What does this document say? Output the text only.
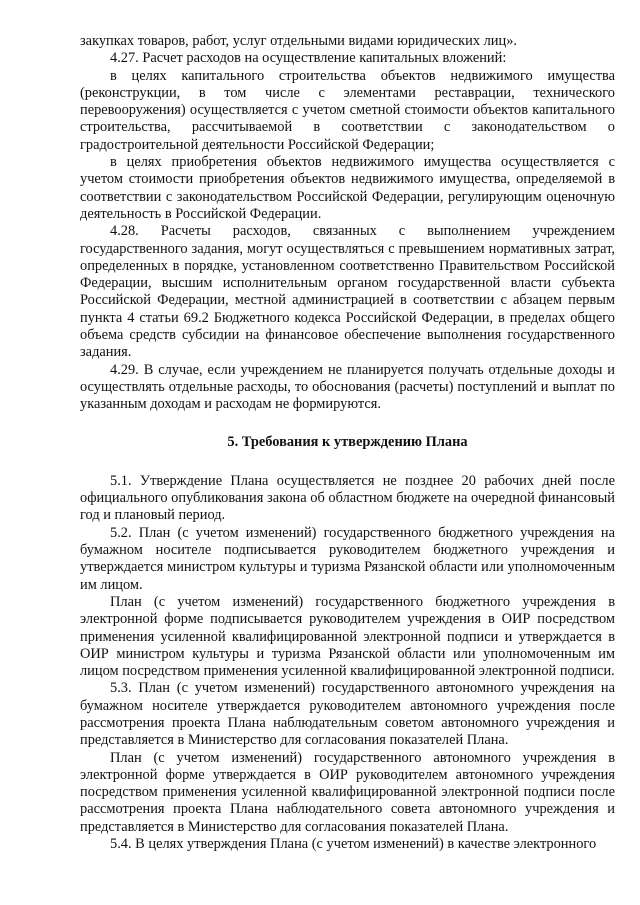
закупках товаров, работ, услуг отдельными видами юридических лиц».

4.27. Расчет расходов на осуществление капитальных вложений:

в целях капитального строительства объектов недвижимого имущества (реконструкции, в том числе с элементами реставрации, технического перевооружения) осуществляется с учетом сметной стоимости объектов капитального строительства, рассчитываемой в соответствии с законодательством о градостроительной деятельности Российской Федерации;

в целях приобретения объектов недвижимого имущества осуществляется с учетом стоимости приобретения объектов недвижимого имущества, определяемой в соответствии с законодательством Российской Федерации, регулирующим оценочную деятельность в Российской Федерации.

4.28. Расчеты расходов, связанных с выполнением учреждением государственного задания, могут осуществляться с превышением нормативных затрат, определенных в порядке, установленном соответственно Правительством Российской Федерации, высшим исполнительным органом государственной власти субъекта Российской Федерации, местной администрацией в соответствии с абзацем первым пункта 4 статьи 69.2 Бюджетного кодекса Российской Федерации, в пределах общего объема средств субсидии на финансовое обеспечение выполнения государственного задания.

4.29. В случае, если учреждением не планируется получать отдельные доходы и осуществлять отдельные расходы, то обоснования (расчеты) поступлений и выплат по указанным доходам и расходам не формируются.

5. Требования к утверждению Плана

5.1. Утверждение Плана осуществляется не позднее 20 рабочих дней после официального опубликования закона об областном бюджете на очередной финансовый год и плановый период.

5.2. План (с учетом изменений) государственного бюджетного учреждения на бумажном носителе подписывается руководителем бюджетного учреждения и утверждается министром культуры и туризма Рязанской области или уполномоченным им лицом.

План (с учетом изменений) государственного бюджетного учреждения в электронной форме подписывается руководителем учреждения в ОИР посредством применения усиленной квалифицированной электронной подписи и утверждается в ОИР министром культуры и туризма Рязанской области или уполномоченным им лицом посредством применения усиленной квалифицированной электронной подписи.

5.3. План (с учетом изменений) государственного автономного учреждения на бумажном носителе утверждается руководителем автономного учреждения после рассмотрения проекта Плана наблюдательным советом автономного учреждения и представляется в Министерство для согласования показателей Плана.

План (с учетом изменений) государственного автономного учреждения в электронной форме утверждается в ОИР руководителем автономного учреждения посредством применения усиленной квалифицированной электронной подписи после рассмотрения проекта Плана наблюдательного совета автономного учреждения и представляется в Министерство для согласования показателей Плана.

5.4. В целях утверждения Плана (с учетом изменений) в качестве электронного
